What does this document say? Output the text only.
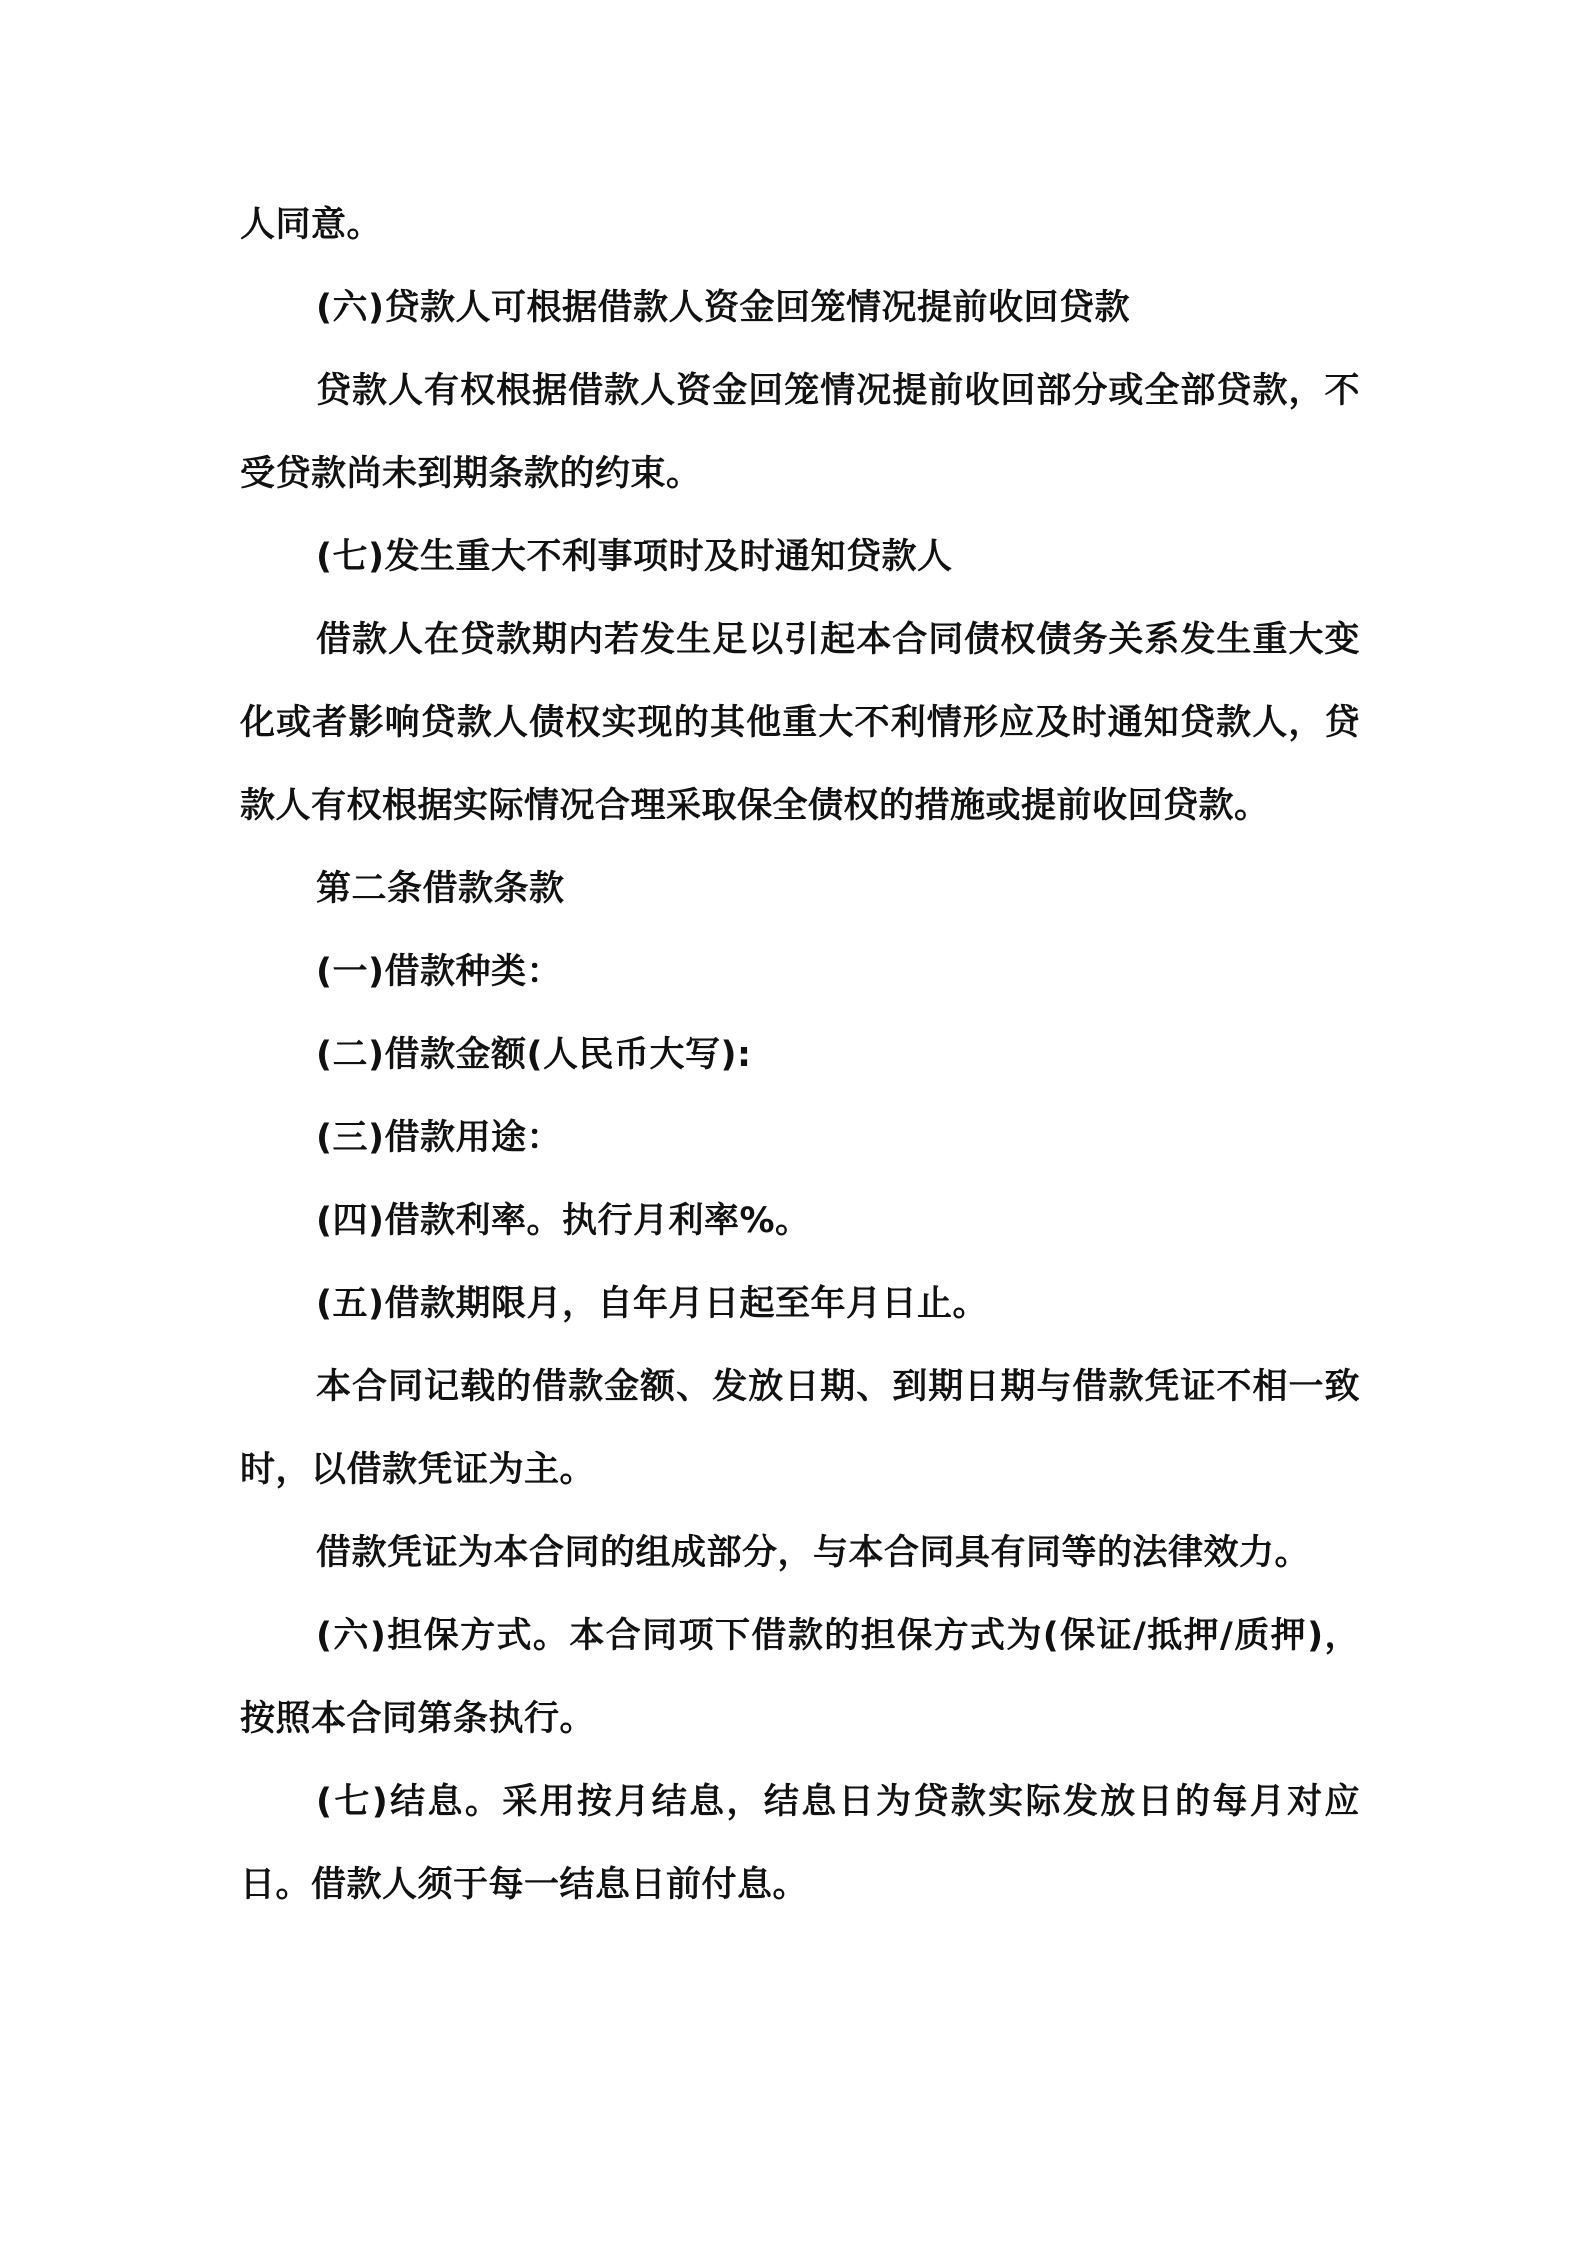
人同意。

(六)贷款人可根据借款人资金回笼情况提前收回贷款

贷款人有权根据借款人资金回笼情况提前收回部分或全部贷款，不受贷款尚未到期条款的约束。

(七)发生重大不利事项时及时通知贷款人

借款人在贷款期内若发生足以引起本合同债权债务关系发生重大变化或者影响贷款人债权实现的其他重大不利情形应及时通知贷款人，贷款人有权根据实际情况合理采取保全债权的措施或提前收回贷款。

第二条借款条款

(一)借款种类：

(二)借款金额(人民币大写):

(三)借款用途：

(四)借款利率。执行月利率%。

(五)借款期限月，自年月日起至年月日止。

本合同记载的借款金额、发放日期、到期日期与借款凭证不相一致时，以借款凭证为主。

借款凭证为本合同的组成部分，与本合同具有同等的法律效力。

(六)担保方式。本合同项下借款的担保方式为(保证/抵押/质押)，按照本合同第条执行。

(七)结息。采用按月结息，结息日为贷款实际发放日的每月对应日。借款人须于每一结息日前付息。
